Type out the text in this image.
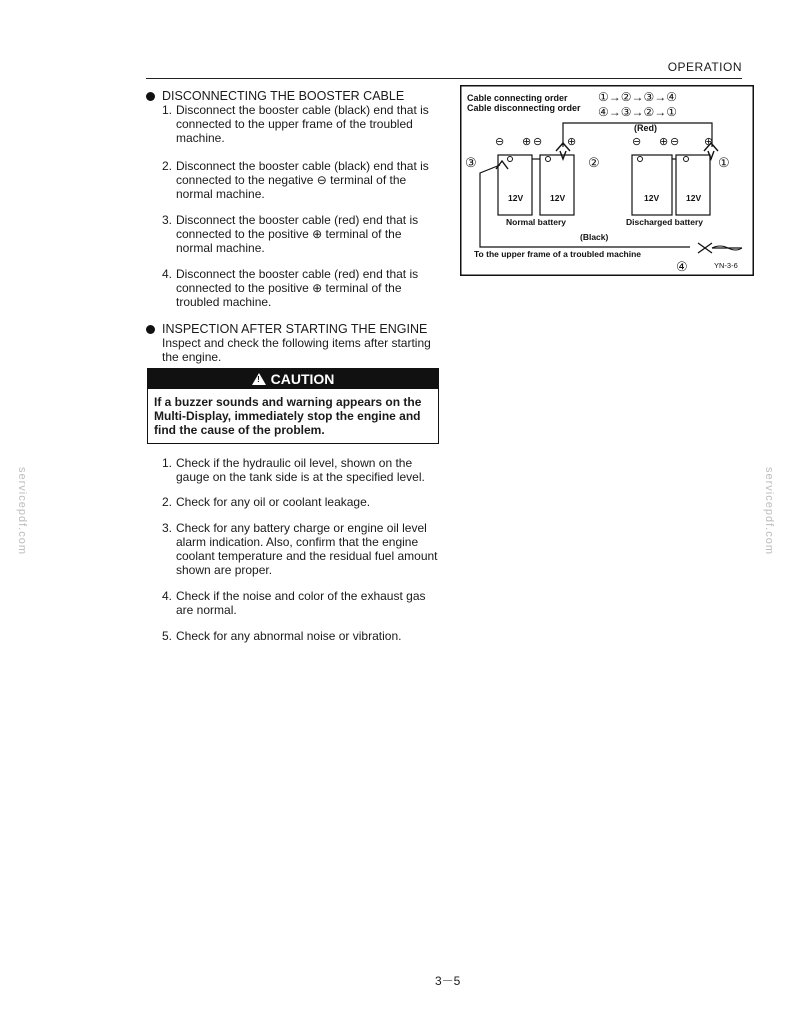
OPERATION
DISCONNECTING THE BOOSTER CABLE
1. Disconnect the booster cable (black) end that is connected to the upper frame of the troubled machine.
2. Disconnect the booster cable (black) end that is connected to the negative ⊖ terminal of the normal machine.
3. Disconnect the booster cable (red) end that is connected to the positive ⊕ terminal of the normal machine.
4. Disconnect the booster cable (red) end that is connected to the positive ⊕ terminal of the troubled machine.
INSPECTION AFTER STARTING THE ENGINE
Inspect and check the following items after starting the engine.
! CAUTION
If a buzzer sounds and warning appears on the Multi-Display, immediately stop the engine and find the cause of the problem.
1. Check if the hydraulic oil level, shown on the gauge on the tank side is at the specified level.
2. Check for any oil or coolant leakage.
3. Check for any battery charge or engine oil level alarm indication. Also, confirm that the engine coolant temperature and the residual fuel amount shown are proper.
4. Check if the noise and color of the exhaust gas are normal.
5. Check for any abnormal noise or vibration.
Cable connecting order	①→②→③→④
Cable disconnecting order ④→③→②→①
(Red)
⊖ ⊕ ⊖ ⊕	⊖ ⊕ ⊖ ⊕
③	②	①
12V	12V
Normal battery
12V	12V
Discharged battery
(Black)
To the upper frame of a troubled machine
④	YN-3-6
servicepdf.com	servicepdf.com
3－5
